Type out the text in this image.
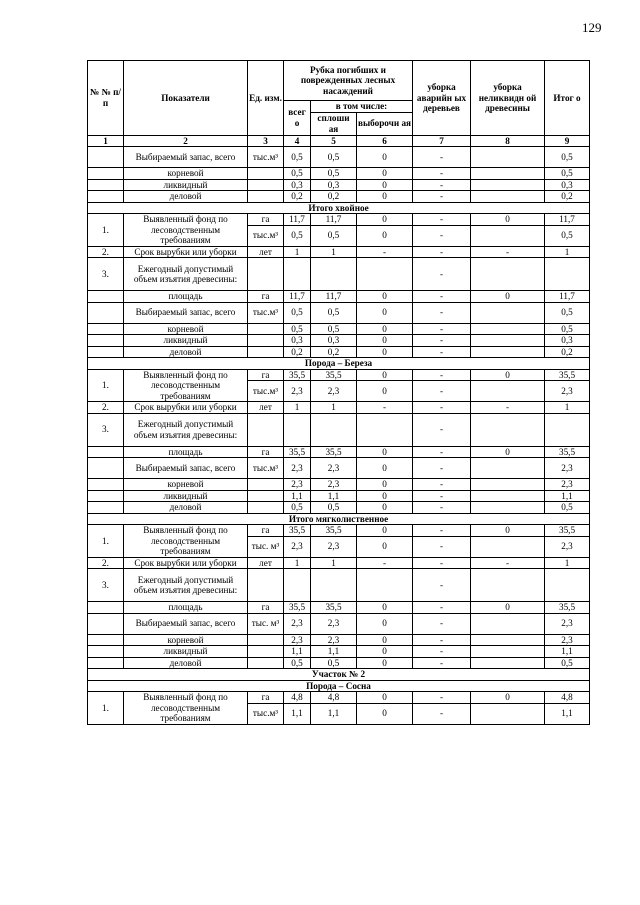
129
№ № п/п	Показатели	Ед. изм.	Рубка погибших и поврежденных лесных насаждений			уборка аварийн ых деревьев	уборка неликвидн ой древесины	Итог о
			всег о	в том числе:				
				сплоши ая	выборочи ая			
1	2	3	4	5	6	7	8	9
	Выбираемый запас, всего	тыс.м³	0,5	0,5	0	-		0,5
	корневой		0,5	0,5	0	-		0,5
	ликвидный		0,3	0,3	0	-		0,3
	деловой		0,2	0,2	0	-		0,2
Итого хвойное								
1.	Выявленный фонд по лесоводственным требованиям	га	11,7	11,7	0	-	0	11,7
		тыс.м³	0,5	0,5	0	-		0,5
2.	Срок вырубки или уборки	лет	1	1	-	-	-	1
3.	Ежегодный допустимый объем изъятия древесины:					-		
	площадь	га	11,7	11,7	0	-	0	11,7
	Выбираемый запас, всего	тыс.м³	0,5	0,5	0	-		0,5
	корневой		0,5	0,5	0	-		0,5
	ликвидный		0,3	0,3	0	-		0,3
	деловой		0,2	0,2	0	-		0,2
Порода – Береза								
1.	Выявленный фонд по лесоводственным требованиям	га	35,5	35,5	0	-	0	35,5
		тыс.м³	2,3	2,3	0	-		2,3
2.	Срок вырубки или уборки	лет	1	1	-	-	-	1
3.	Ежегодный допустимый объем изъятия древесины:					-		
	площадь	га	35,5	35,5	0	-	0	35,5
	Выбираемый запас, всего	тыс.м³	2,3	2,3	0	-		2,3
	корневой		2,3	2,3	0	-		2,3
	ликвидный		1,1	1,1	0	-		1,1
	деловой		0,5	0,5	0	-		0,5
Итого мягколиственное								
1.	Выявленный фонд по лесоводственным требованиям	га	35,5	35,5	0	-	0	35,5
		тыс. м³	2,3	2,3	0	-		2,3
2.	Срок вырубки или уборки	лет	1	1	-	-	-	1
3.	Ежегодный допустимый объем изъятия древесины:					-		
	площадь	га	35,5	35,5	0	-	0	35,5
	Выбираемый запас, всего	тыс. м³	2,3	2,3	0	-		2,3
	корневой		2,3	2,3	0	-		2,3
	ликвидный		1,1	1,1	0	-		1,1
	деловой		0,5	0,5	0	-		0,5
Участок № 2								
Порода – Сосна								
1.	Выявленный фонд по лесоводственным требованиям	га	4,8	4,8	0	-	0	4,8
		тыс.м³	1,1	1,1	0	-		1,1
